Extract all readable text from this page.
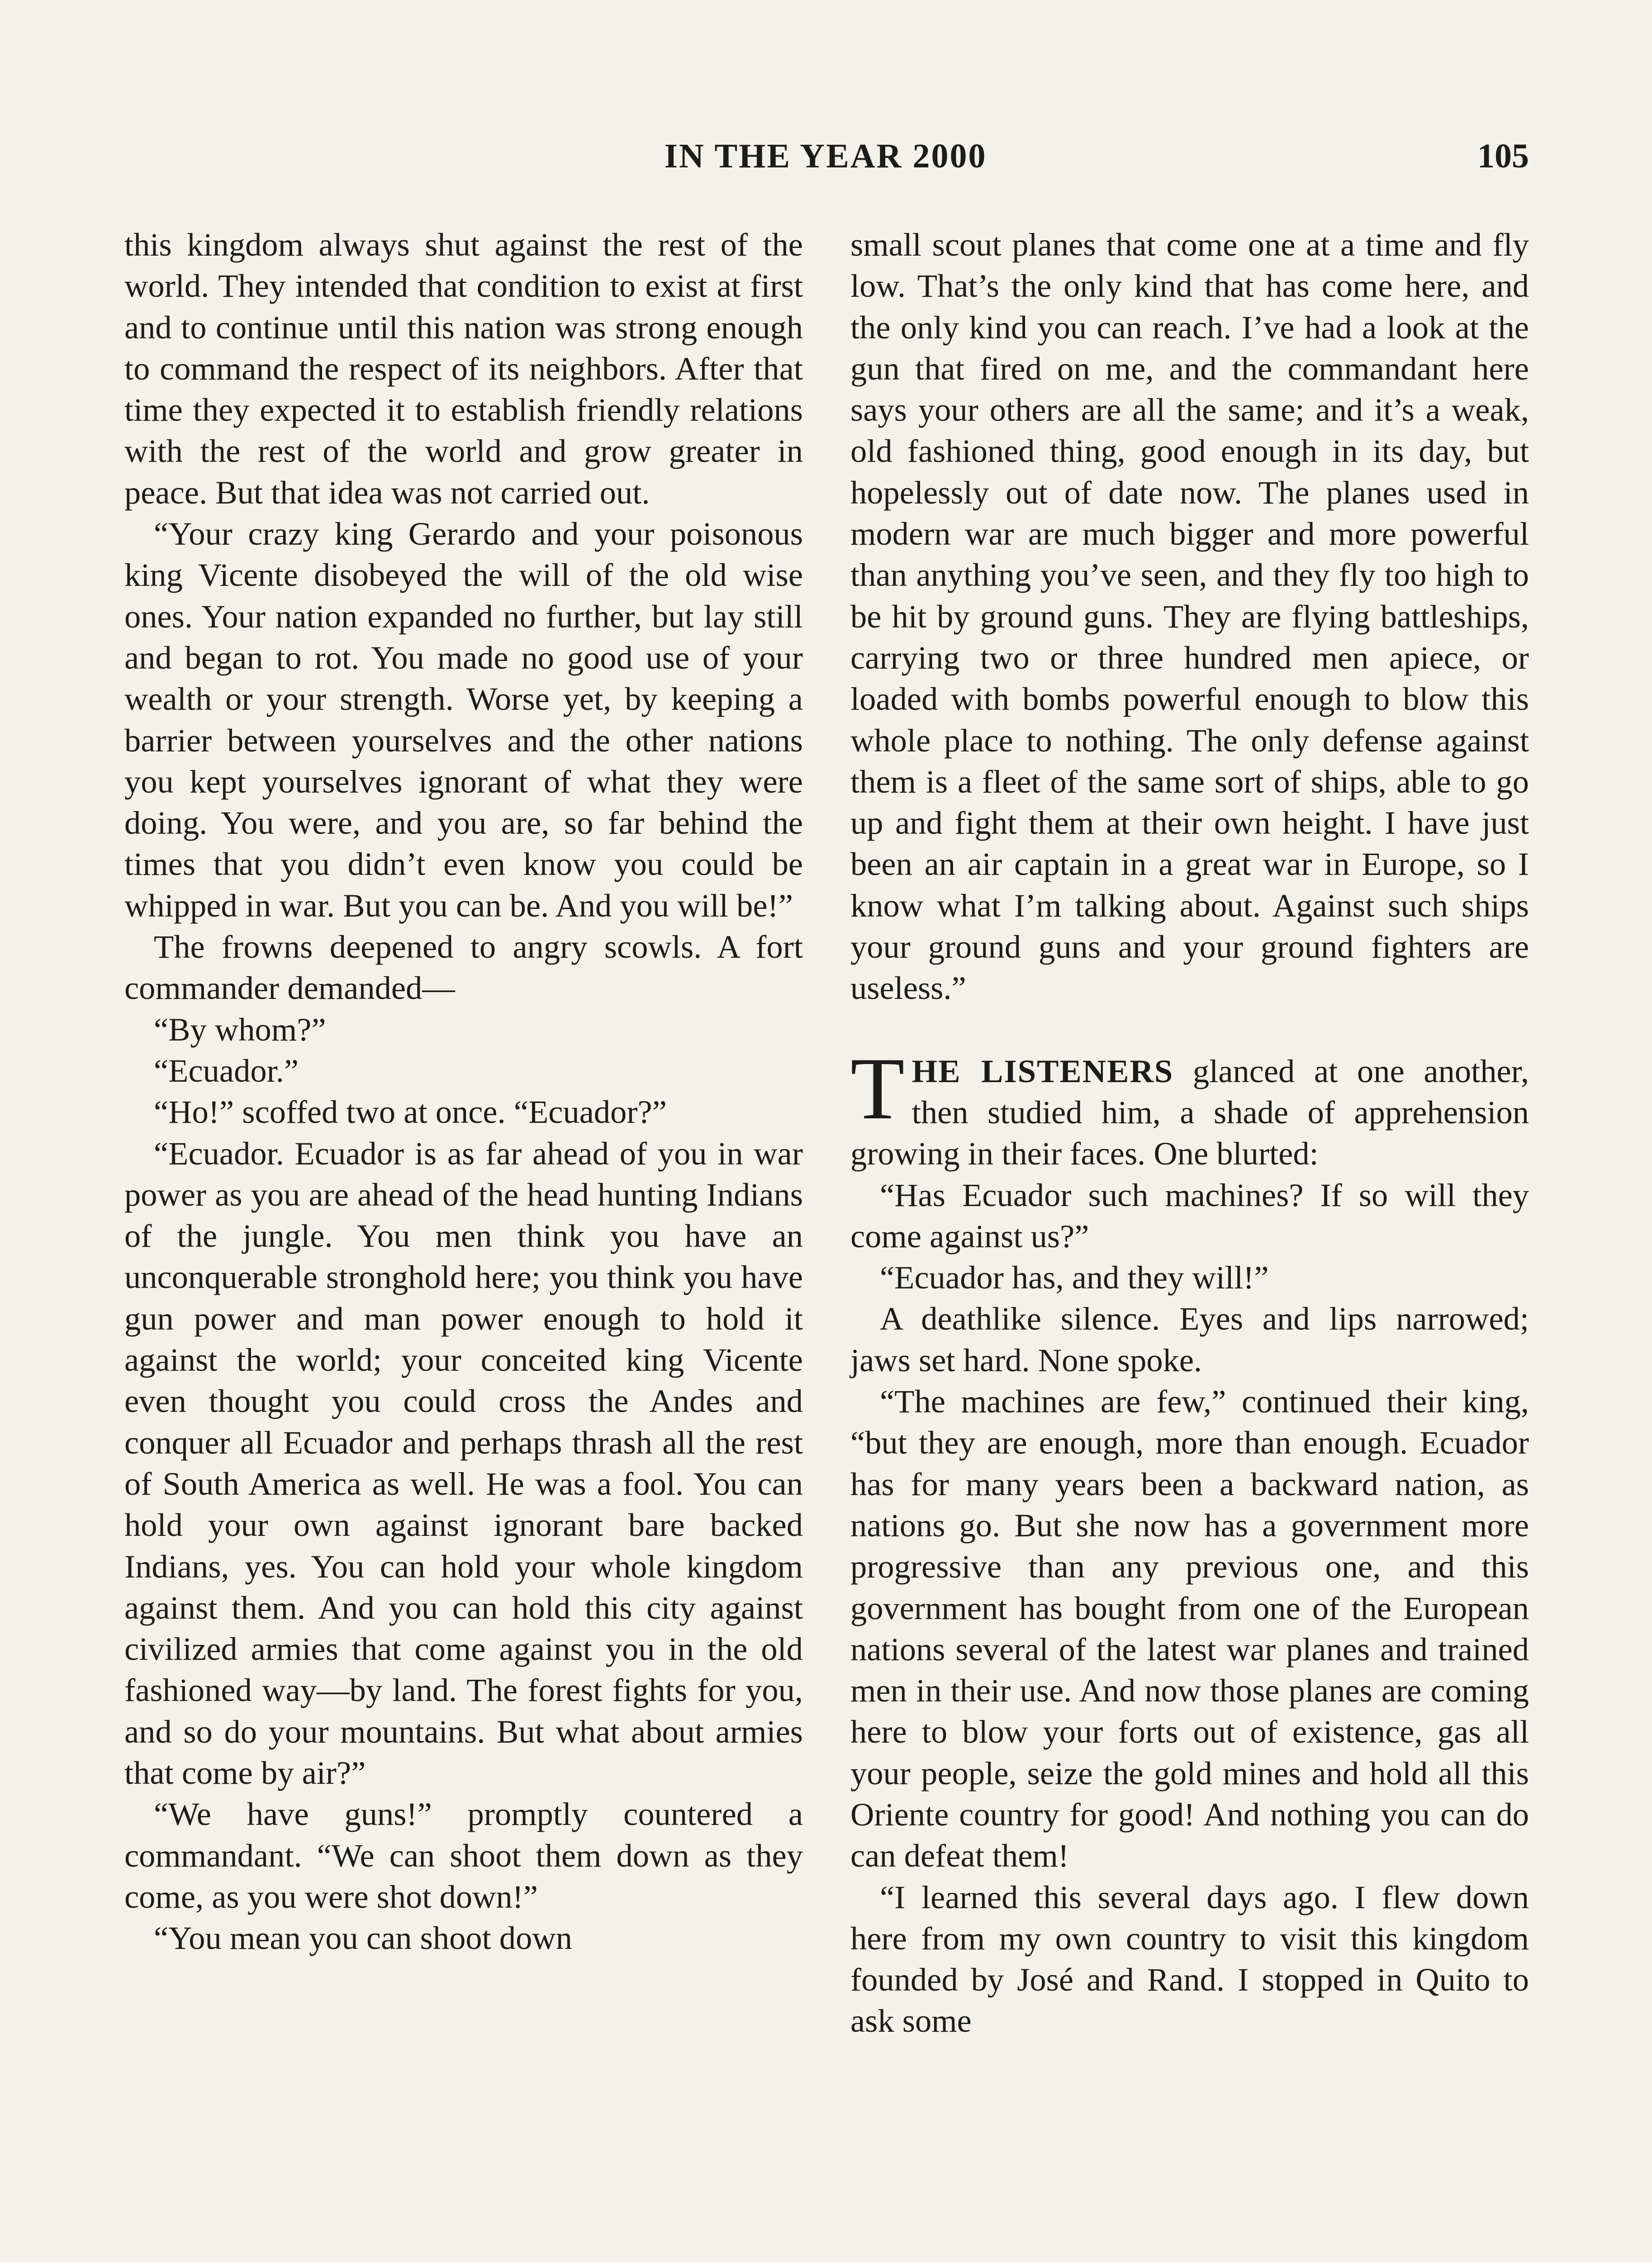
IN THE YEAR 2000	105

this kingdom always shut against the rest of the world. They intended that condition to exist at first and to continue until this nation was strong enough to command the respect of its neighbors. After that time they expected it to establish friendly relations with the rest of the world and grow greater in peace. But that idea was not carried out.

“Your crazy king Gerardo and your poisonous king Vicente disobeyed the will of the old wise ones. Your nation expanded no further, but lay still and began to rot. You made no good use of your wealth or your strength. Worse yet, by keeping a barrier between yourselves and the other nations you kept yourselves ignorant of what they were doing. You were, and you are, so far behind the times that you didn’t even know you could be whipped in war. But you can be. And you will be!”

The frowns deepened to angry scowls. A fort commander demanded—

“By whom?”

“Ecuador.”

“Ho!” scoffed two at once. “Ecuador?”

“Ecuador. Ecuador is as far ahead of you in war power as you are ahead of the head hunting Indians of the jungle. You men think you have an unconquerable stronghold here; you think you have gun power and man power enough to hold it against the world; your conceited king Vicente even thought you could cross the Andes and conquer all Ecuador and perhaps thrash all the rest of South America as well. He was a fool. You can hold your own against ignorant bare backed Indians, yes. You can hold your whole kingdom against them. And you can hold this city against civilized armies that come against you in the old fashioned way—by land. The forest fights for you, and so do your mountains. But what about armies that come by air?”

“We have guns!” promptly countered a commandant. “We can shoot them down as they come, as you were shot down!”

“You mean you can shoot down

small scout planes that come one at a time and fly low. That’s the only kind that has come here, and the only kind you can reach. I’ve had a look at the gun that fired on me, and the commandant here says your others are all the same; and it’s a weak, old fashioned thing, good enough in its day, but hopelessly out of date now. The planes used in modern war are much bigger and more powerful than anything you’ve seen, and they fly too high to be hit by ground guns. They are flying battleships, carrying two or three hundred men apiece, or loaded with bombs powerful enough to blow this whole place to nothing. The only defense against them is a fleet of the same sort of ships, able to go up and fight them at their own height. I have just been an air captain in a great war in Europe, so I know what I’m talking about. Against such ships your ground guns and your ground fighters are useless.”

THE LISTENERS glanced at one another, then studied him, a shade of apprehension growing in their faces. One blurted:

“Has Ecuador such machines? If so will they come against us?”

“Ecuador has, and they will!”

A deathlike silence. Eyes and lips narrowed; jaws set hard. None spoke.

“The machines are few,” continued their king, “but they are enough, more than enough. Ecuador has for many years been a backward nation, as nations go. But she now has a government more progressive than any previous one, and this government has bought from one of the European nations several of the latest war planes and trained men in their use. And now those planes are coming here to blow your forts out of existence, gas all your people, seize the gold mines and hold all this Oriente country for good! And nothing you can do can defeat them!

“I learned this several days ago. I flew down here from my own country to visit this kingdom founded by José and Rand. I stopped in Quito to ask some
